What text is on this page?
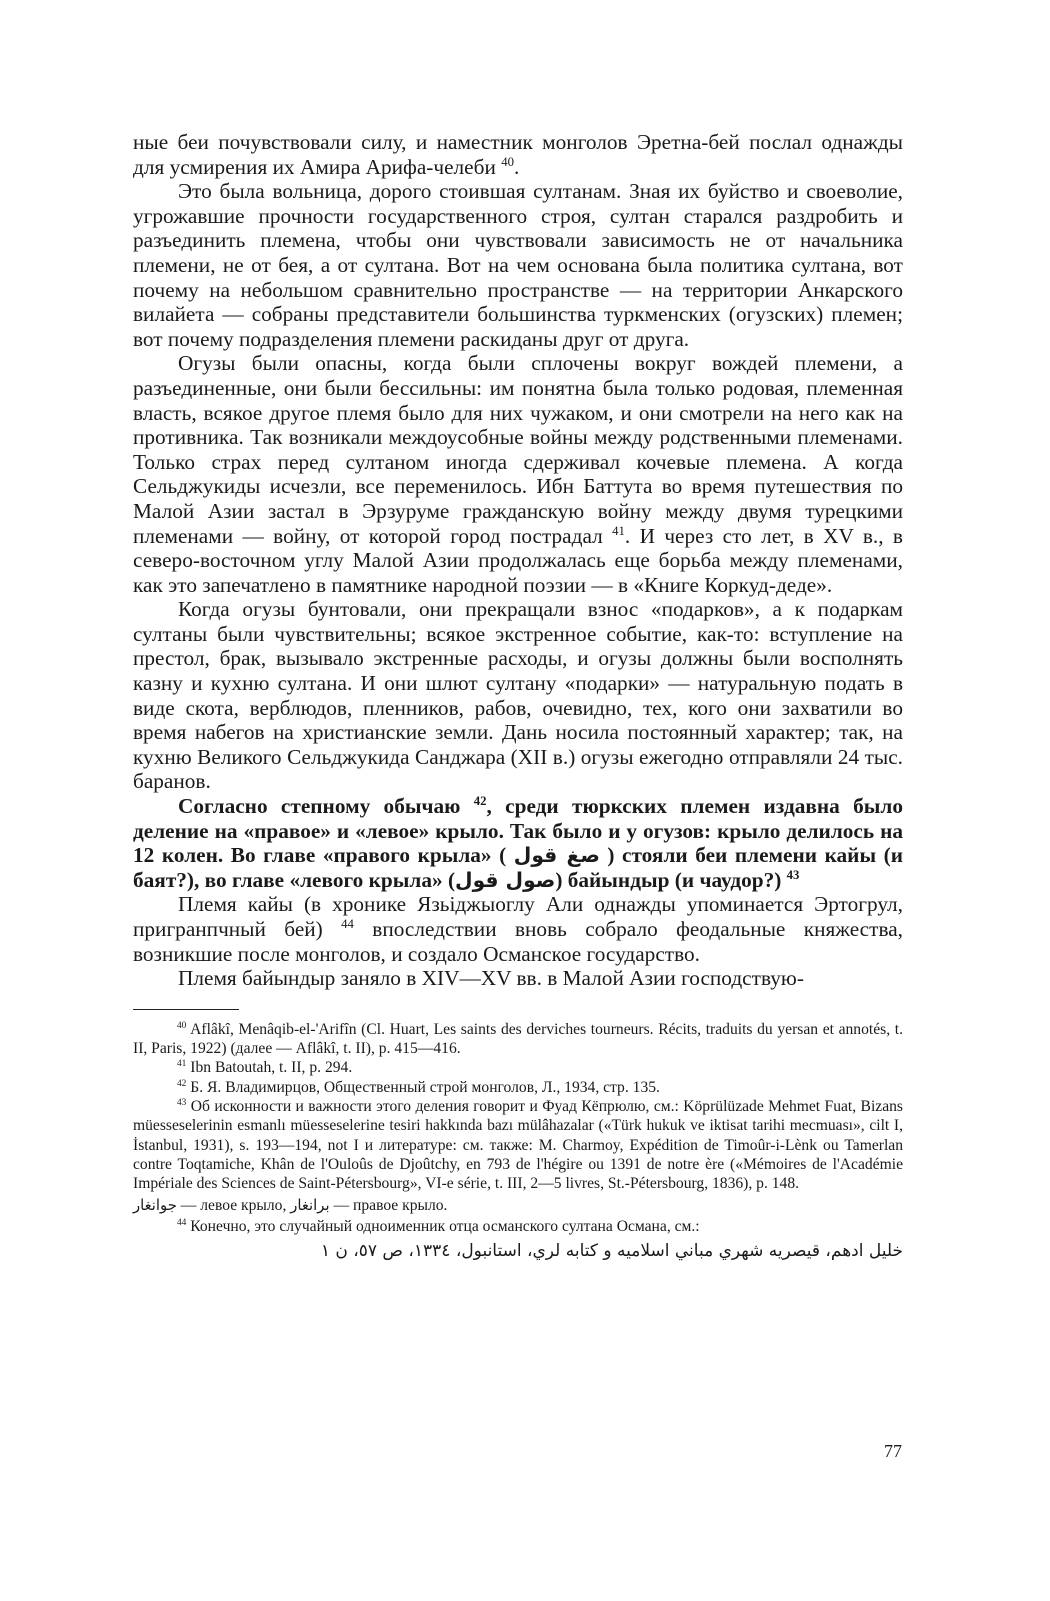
ные беи почувствовали силу, и наместник монголов Эретна-бей послал однажды для усмирения их Амира Арифа-челеби $^{40}$.

Это была вольница, дорого стоившая султанам. Зная их буйство и своеволие, угрожавшие прочности государственного строя, султан старался раздробить и разъединить племена, чтобы они чувствовали зависимость не от начальника племени, не от бея, а от султана. Вот на чем основана была политика султана, вот почему на небольшом сравнительно пространстве — на территории Анкарского вилайета — собраны представители большинства туркменских (огузских) племен; вот почему подразделения племени раскиданы друг от друга.

Огузы были опасны, когда были сплочены вокруг вождей племени, а разъединенные, они были бессильны: им понятна была только родовая, племенная власть, всякое другое племя было для них чужаком, и они смотрели на него как на противника. Так возникали междоусобные войны между родственными племенами. Только страх перед султаном иногда сдерживал кочевые племена. А когда Сельджукиды исчезли, все переменилось. Ибн Баттута во время путешествия по Малой Азии застал в Эрзуруме гражданскую войну между двумя турецкими племенами — войну, от которой город пострадал $^{41}$. И через сто лет, в XV в., в северо-восточном углу Малой Азии продолжалась еще борьба между племенами, как это запечатлено в памятнике народной поэзии — в «Книге Коркуд-деде».

Когда огузы бунтовали, они прекращали взнос «подарков», а к подаркам султаны были чувствительны; всякое экстренное событие, как-то: вступление на престол, брак, вызывало экстренные расходы, и огузы должны были восполнять казну и кухню султана. И они шлют султану «подарки» — натуральную подать в виде скота, верблюдов, пленников, рабов, очевидно, тех, кого они захватили во время набегов на христианские земли. Дань носила постоянный характер; так, на кухню Великого Сельджукида Санджара (XII в.) огузы ежегодно отправляли 24 тыс. баранов.

Согласно степному обычаю $^{42}$, среди тюркских племен издавна было деление на «правое» и «левое» крыло. Так было и у огузов: крыло делилось на 12 колен. Во главе «правого крыла» ( صغ قول ) стояли беи племени кайы (и баят?), во главе «левого крыла» (صول قول) байындыр (и чаудор?) $^{43}$

Племя кайы (в хронике Язьiджыоглу Али однажды упоминается Эртогрул, пригранпчный бей) $^{44}$ впоследствии вновь собрало феодальные княжества, возникшие после монголов, и создало Османское государство.

Племя байындыр заняло в XIV—XV вв. в Малой Азии господствую-

$^{40}$ Aflâkî, Menâqib-el-'Arifîn (Cl. Huart, Les saints des derviches tourneurs. Récits, traduits du yersan et annotés, t. II, Paris, 1922) (далее — Aflâkî, t. II), p. 415—416.

$^{41}$ Ibn Batoutah, t. II, p. 294.

$^{42}$ Б. Я. Владимирцов, Общественный строй монголов, Л., 1934, стр. 135.

$^{43}$ Об исконности и важности этого деления говорит и Фуад Кёпрюлю, см.: Köprülüzade Mehmet Fuat, Bizans müesseselerinin esmanlı müesseselerine tesiri hakkında bazı mülâhazalar («Türk hukuk ve iktisat tarihi mecmuası», cilt I, İstanbul, 1931), s. 193—194, not I и литературе: см. также: M. Charmoy, Expédition de Timoûr-i-Lènk ou Tamerlan contre Toqtamiche, Khân de l'Ouloûs de Djoûtchy, en 793 de l'hégire ou 1391 de notre ère («Mémoires de l'Académie Impériale des Sciences de Saint-Pétersbourg», VI-e série, t. III, 2—5 livres, St.-Pétersbourg, 1836), p. 148.

جوانغار — левое крыло, برانغار — правое крыло.

$^{44}$ Конечно, это случайный одноименник отца османского султана Османа, см.:

خليل ادهم، قيصريه شهري مباني اسلاميه و كتابه لري، استانبول، ١٣٣٤، ص ٥٧، ن ١

77
